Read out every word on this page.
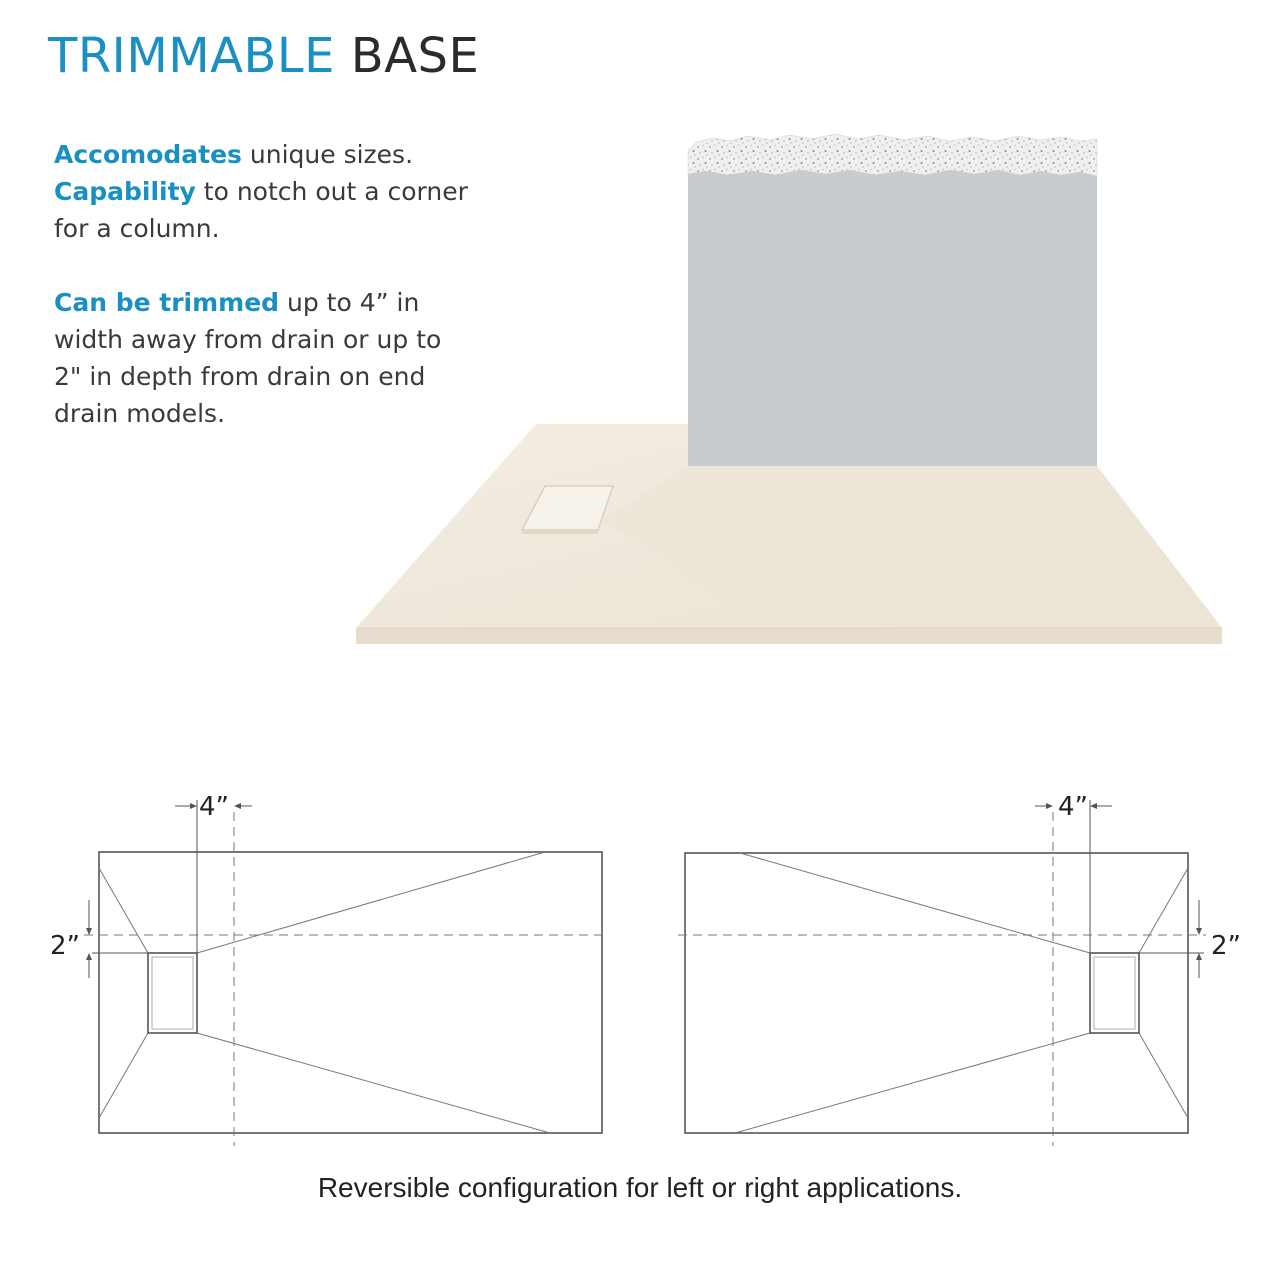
TRIMMABLE BASE

Accomodates unique sizes.
Capability to notch out a corner for a column.

Can be trimmed up to 4” in width away from drain or up to 2" in depth from drain on end drain models.

4”
2”
4”
2”
Reversible configuration for left or right applications.
